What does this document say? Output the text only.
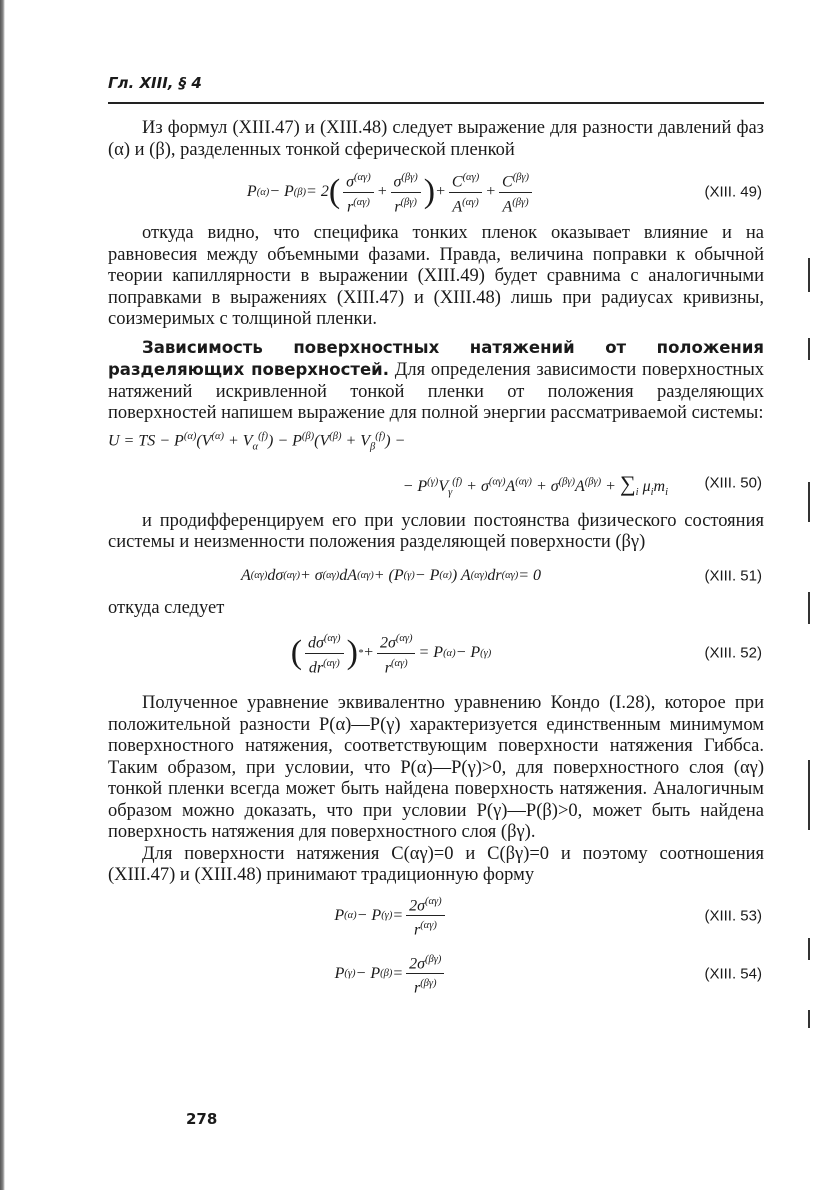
Гл. XIII, § 4

Из формул (XIII.47) и (XIII.48) следует выражение для разности давлений фаз (α) и (β), разделенных тонкой сферической пленкой

P (α) − P (β) = 2 ( $\frac{\sigma^{(\alpha\gamma)}}{r^{(\alpha\gamma)}} + \frac{\sigma^{(\beta\gamma)}}{r^{(\beta\gamma)}}$ ) + $\frac{C^{(\alpha\gamma)}}{A^{(\alpha\gamma)}} + \frac{C^{(\beta\gamma)}}{A^{(\beta\gamma)}}$	(XIII. 49)

откуда видно, что специфика тонких пленок оказывает влияние и на равновесия между объемными фазами. Правда, величина поправки к обычной теории капиллярности в выражении (XIII.49) будет сравнима с аналогичными поправками в выражениях (XIII.47) и (XIII.48) лишь при радиусах кривизны, соизмеримых с толщиной пленки.

Зависимость поверхностных натяжений от положения разделяющих поверхностей. Для определения зависимости поверхностных натяжений искривленной тонкой пленки от положения разделяющих поверхностей напишем выражение для полной энергии рассматриваемой системы:

U = TS − $P^{(\alpha)}(V^{(\alpha)} + V_\alpha^{(f)}) - P^{(\beta)}(V^{(\beta)} + V_\beta^{(f)})$ −
− $P^{(\gamma)}V_\gamma^{(f)} + \sigma^{(\alpha\gamma)}A^{(\alpha\gamma)} + \sigma^{(\beta\gamma)}A^{(\beta\gamma)} + \sum_i$ $\mu_im_i$
(XIII. 50)

и продифференцируем его при условии постоянства физического состояния системы и неизменности положения разделяющей поверхности (βγ)

A (αγ) dσ (αγ) + σ (αγ) dA (αγ) + (P (γ) − P (α) ) A (αγ) dr (αγ) = 0	(XIII. 51)

откуда следует

( $\frac{d\sigma^{(\alpha\gamma)}}{dr^{(\alpha\gamma)}}$ ) * + $\frac{2\sigma^{(\alpha\gamma)}}{r^{(\alpha\gamma)}} = P$ (α) − P (γ)	(XIII. 52)

Полученное уравнение эквивалентно уравнению Кондо (I.28), которое при положительной разности P(α)—P(γ) характеризуется единственным минимумом поверхностного натяжения, соответствующим поверхности натяжения Гиббса. Таким образом, при условии, что P(α)—P(γ)>0, для поверхностного слоя (αγ) тонкой пленки всегда может быть найдена поверхность натяжения. Аналогичным образом можно доказать, что при условии P(γ)—P(β)>0, может быть найдена поверхность натяжения для поверхностного слоя (βγ).

Для поверхности натяжения C(αγ)=0 и C(βγ)=0 и поэтому соотношения (XIII.47) и (XIII.48) принимают традиционную форму

P (α) − P $(\gamma) = \frac{2\sigma^{(\alpha\gamma)}}{r^{(\alpha\gamma)}}$	(XIII. 53)
P (γ) − P $(\beta) = \frac{2\sigma^{(\beta\gamma)}}{r^{(\beta\gamma)}}$	(XIII. 54)
278
